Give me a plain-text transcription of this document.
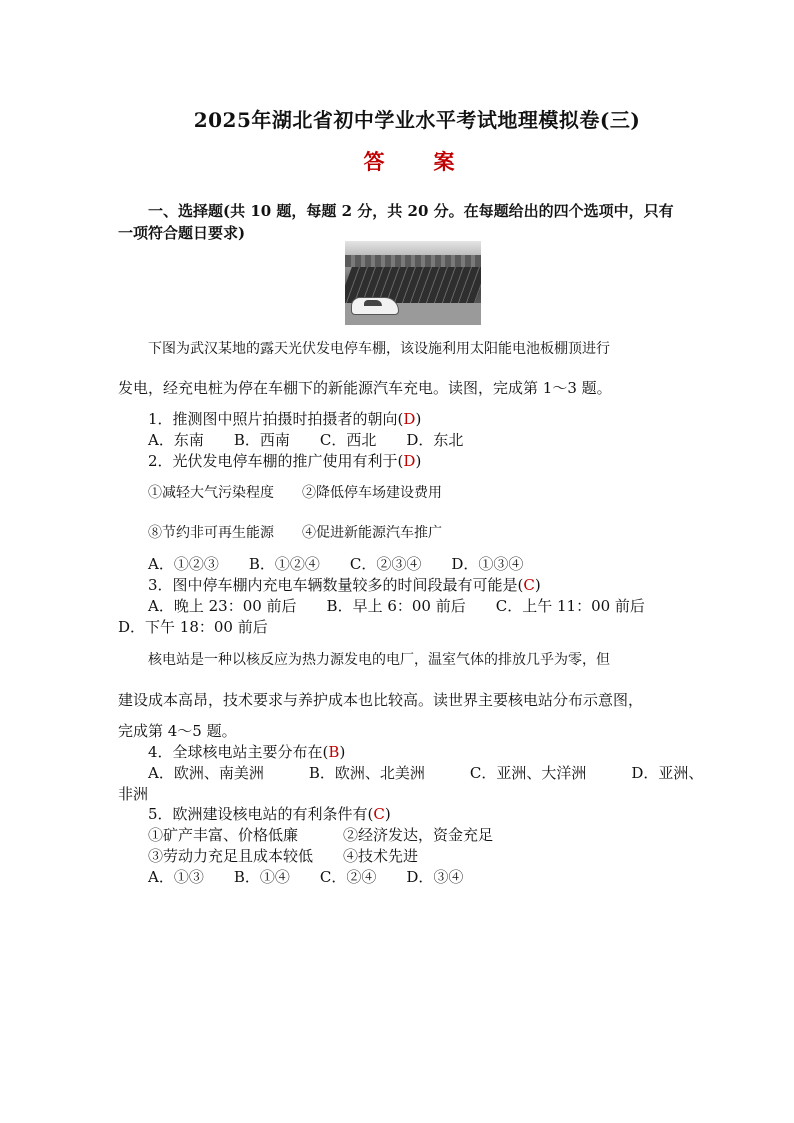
2025年湖北省初中学业水平考试地理模拟卷(三)
答　案
一、选择题(共 10 题，每题 2 分，共 20 分。在每题给出的四个选项中，只有
一项符合题日要求)
下图为武汉某地的露天光伏发电停车棚，该设施利用太阳能电池板棚顶进行
发电，经充电桩为停在车棚下的新能源汽车充电。读图，完成第 1～3 题。
1．推测图中照片拍摄时拍摄者的朝向(D)
A．东南　　B．西南　　C．西北　　D．东北
2．光伏发电停车棚的推广使用有利于(D)
①减轻大气污染程度　　②降低停车场建设费用
⑧节约非可再生能源　　④促进新能源汽车推广
A．①②③　　B．①②④　　C．②③④　　D．①③④
3．图中停车棚内充电车辆数量较多的时间段最有可能是(C)
A．晚上 23：00 前后　　B．早上 6：00 前后　　C．上午 11：00 前后
D．下午 18：00 前后
核电站是一种以核反应为热力源发电的电厂，温室气体的排放几乎为零，但
建设成本高昂，技术要求与养护成本也比较高。读世界主要核电站分布示意图，
完成第 4～5 题。
4．全球核电站主要分布在(B)
A．欧洲、南美洲　　　B．欧洲、北美洲　　　C．亚洲、大洋洲　　　D．亚洲、
非洲
5．欧洲建设核电站的有利条件有(C)
①矿产丰富、价格低廉　　　②经济发达，资金充足
③劳动力充足且成本较低　　④技术先进
A．①③　　B．①④　　C．②④　　D．③④
